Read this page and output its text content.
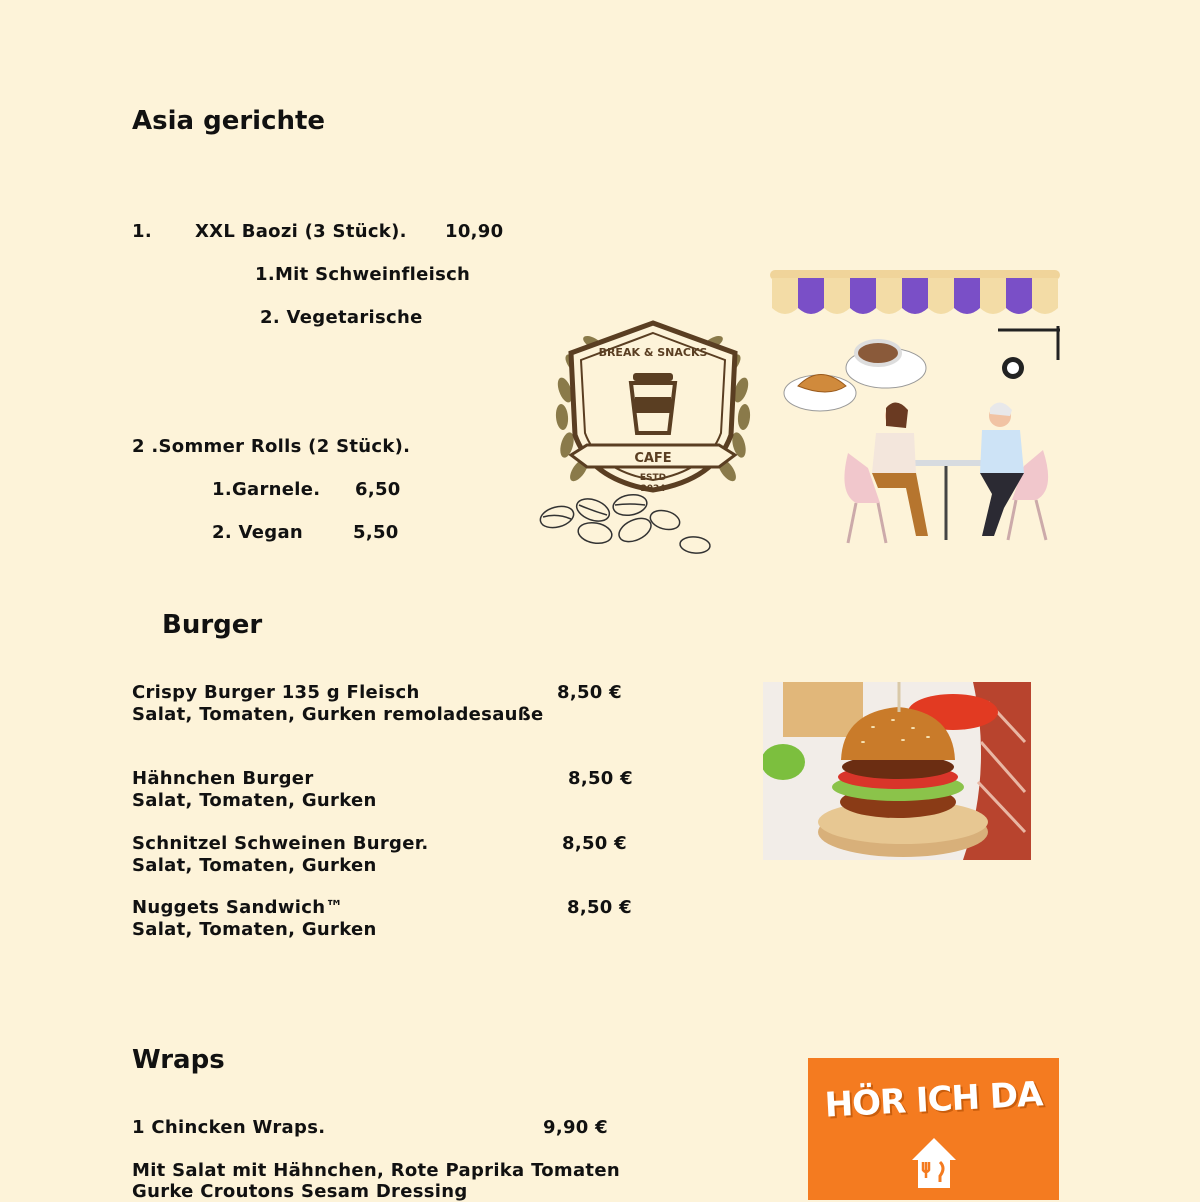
Asia gerichte
1. XXL Baozi (3 Stück). 10,90
1.Mit Schweinfleisch
2. Vegetarische
2 .Sommer Rolls (2 Stück).
1.Garnele. 6,50
2. Vegan	5,50
CAFE
BREAK & SNACKS
ESTD
2024
Burger
Crispy Burger 135 g Fleisch	8,50 €
Salat, Tomaten, Gurken remoladesauße
Hähnchen Burger	8,50 €
Salat, Tomaten, Gurken
Schnitzel Schweinen Burger.	8,50 €
Salat, Tomaten, Gurken
Nuggets Sandwich™	8,50 €
Salat, Tomaten, Gurken
Wraps
1 Chincken Wraps.	9,90 €
Mit Salat mit Hähnchen, Rote Paprika Tomaten
Gurke Croutons Sesam Dressing
HÖR ICH DA
